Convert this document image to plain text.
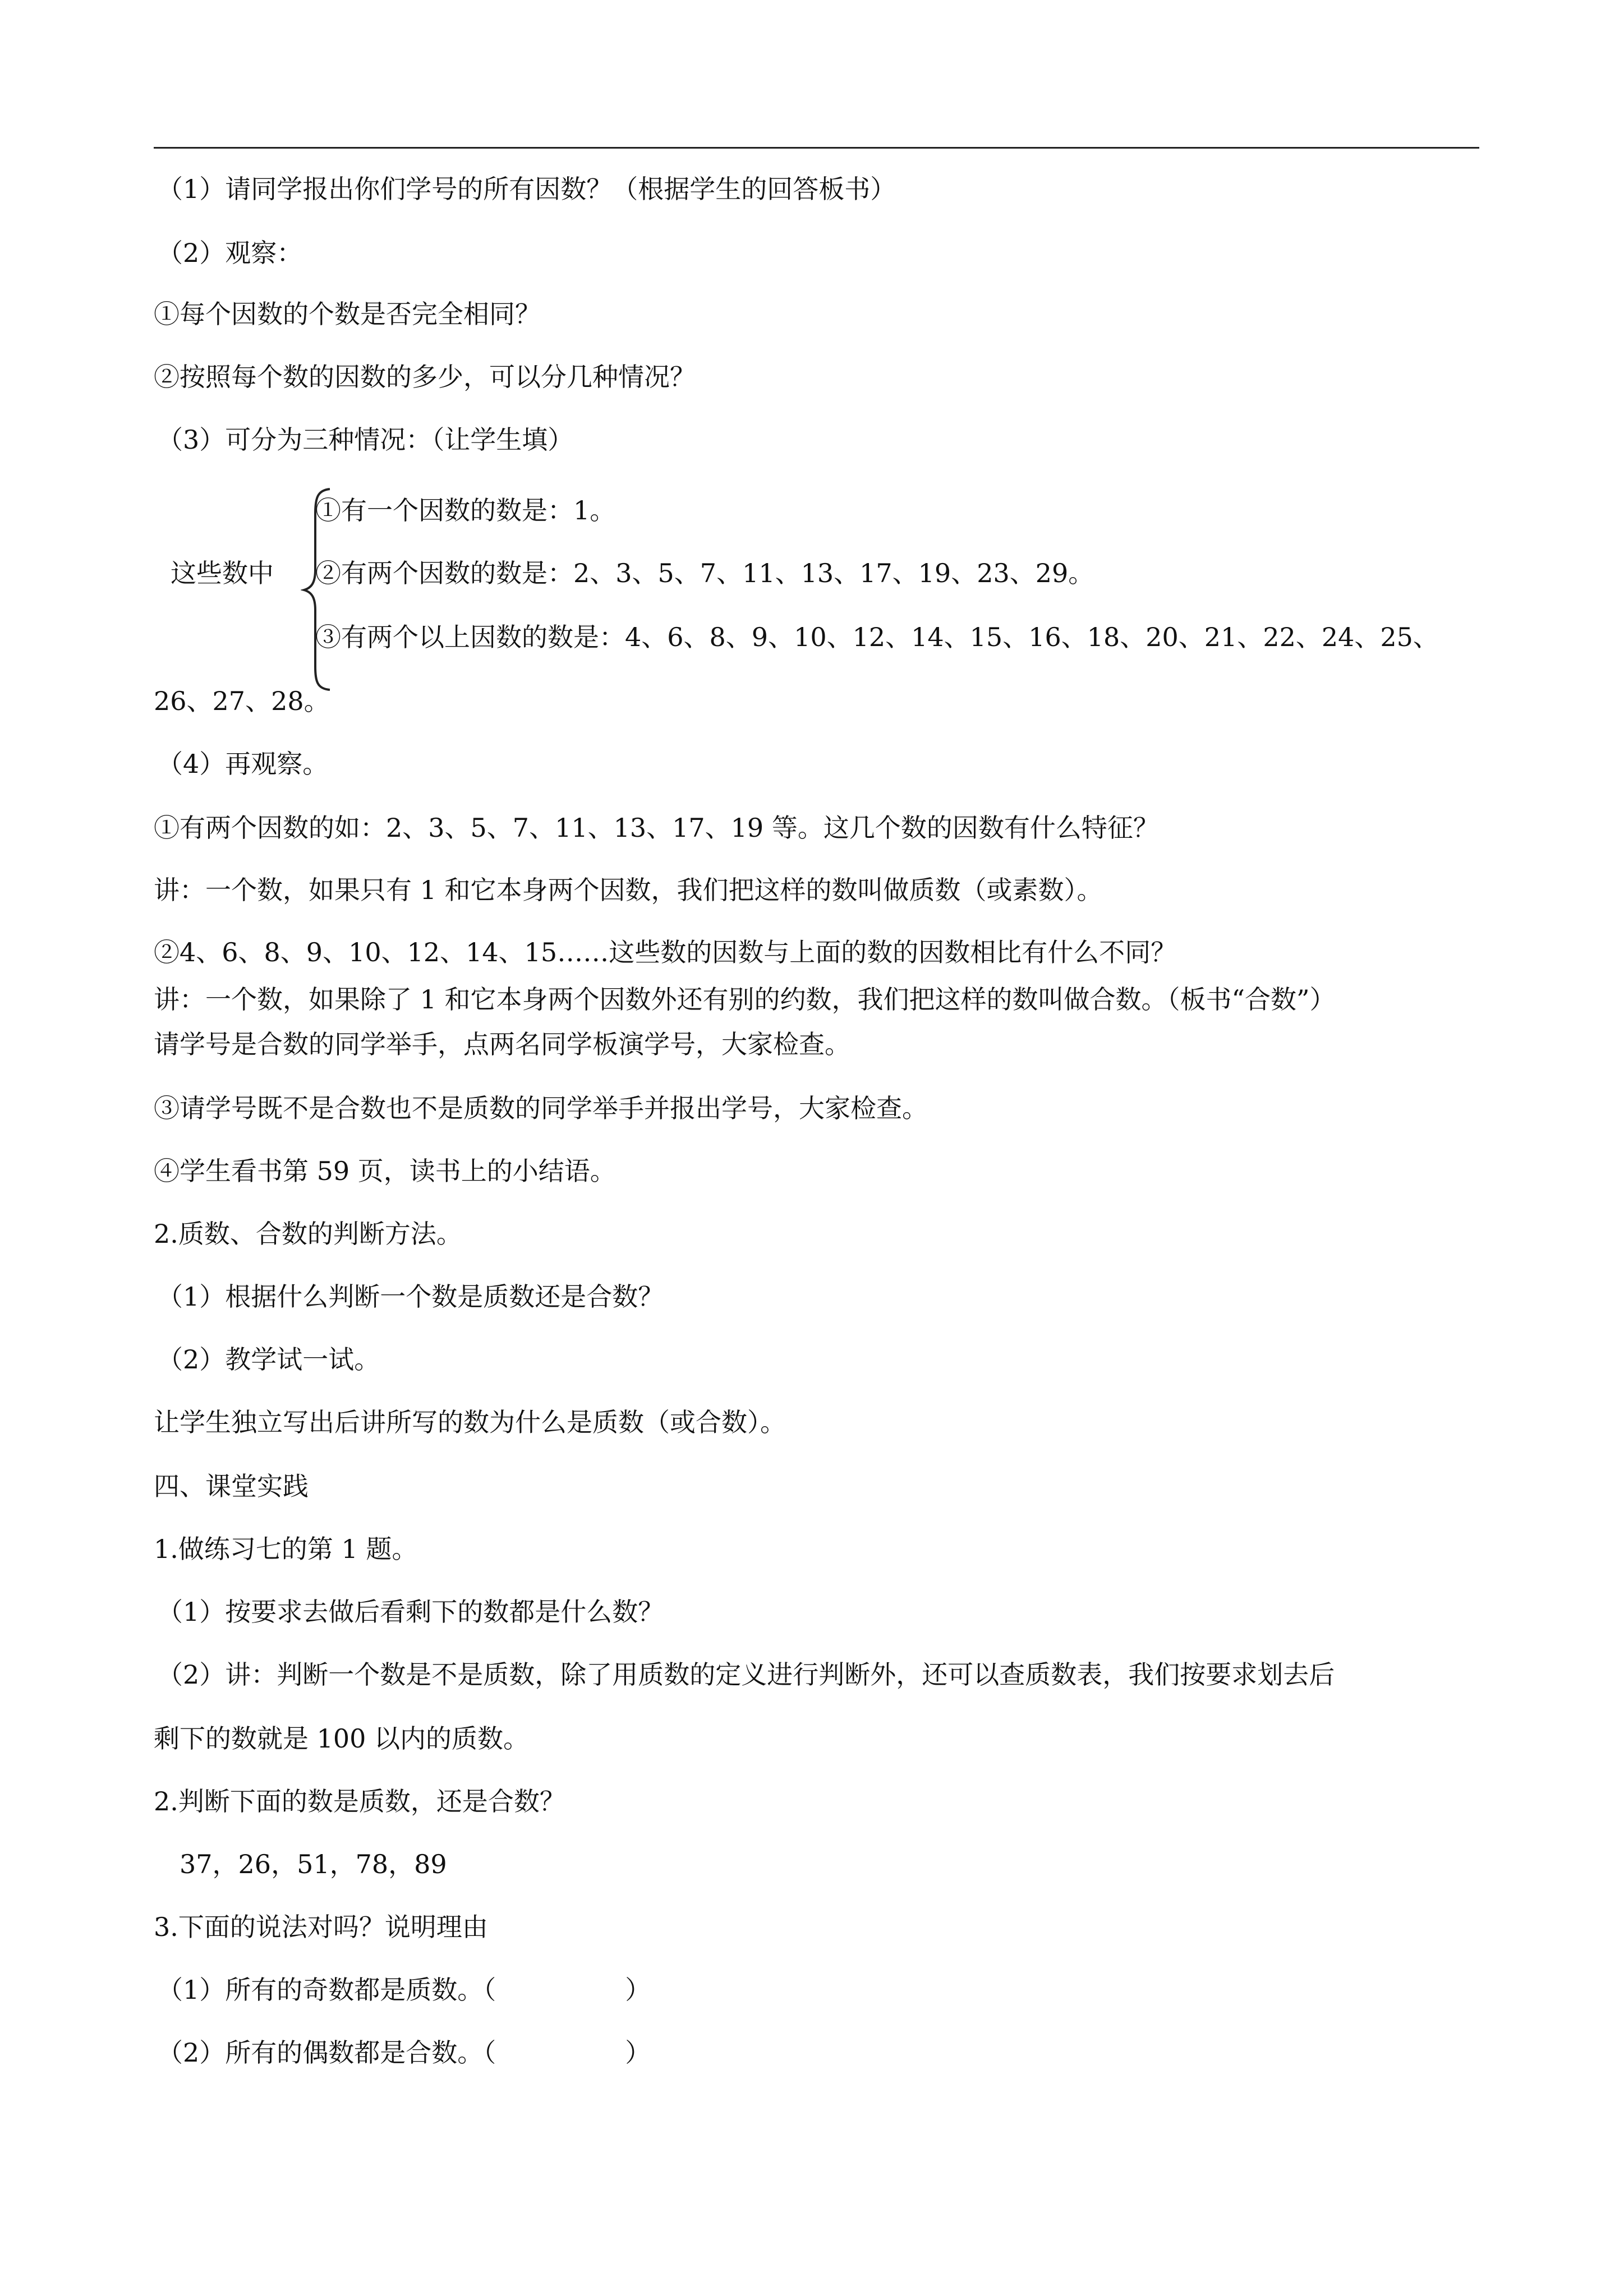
（1）请同学报出你们学号的所有因数？（根据学生的回答板书）
（2）观察：
①每个因数的个数是否完全相同？
②按照每个数的因数的多少，可以分几种情况？
（3）可分为三种情况：（让学生填）
这些数中
①有一个因数的数是：1。
②有两个因数的数是：2、3、5、7、11、13、17、19、23、29。
③有两个以上因数的数是：4、6、8、9、10、12、14、15、16、18、20、21、22、24、25、
26、27、28。
（4）再观察。
①有两个因数的如：2、3、5、7、11、13、17、19 等。这几个数的因数有什么特征？
讲：一个数，如果只有 1 和它本身两个因数，我们把这样的数叫做质数（或素数）。
②4、6、8、9、10、12、14、15……这些数的因数与上面的数的因数相比有什么不同？
讲：一个数，如果除了 1 和它本身两个因数外还有别的约数，我们把这样的数叫做合数。（板书“合数”）
请学号是合数的同学举手，点两名同学板演学号，大家检查。
③请学号既不是合数也不是质数的同学举手并报出学号，大家检查。
④学生看书第 59 页，读书上的小结语。
2.质数、合数的判断方法。
（1）根据什么判断一个数是质数还是合数？
（2）教学试一试。
让学生独立写出后讲所写的数为什么是质数（或合数）。
四、课堂实践
1.做练习七的第 1 题。
（1）按要求去做后看剩下的数都是什么数？
（2）讲：判断一个数是不是质数，除了用质数的定义进行判断外，还可以查质数表，我们按要求划去后
剩下的数就是 100 以内的质数。
2.判断下面的数是质数，还是合数？
37，26，51，78，89
3.下面的说法对吗？说明理由
（1）所有的奇数都是质数。（　　　　　）
（2）所有的偶数都是合数。（　　　　　）
